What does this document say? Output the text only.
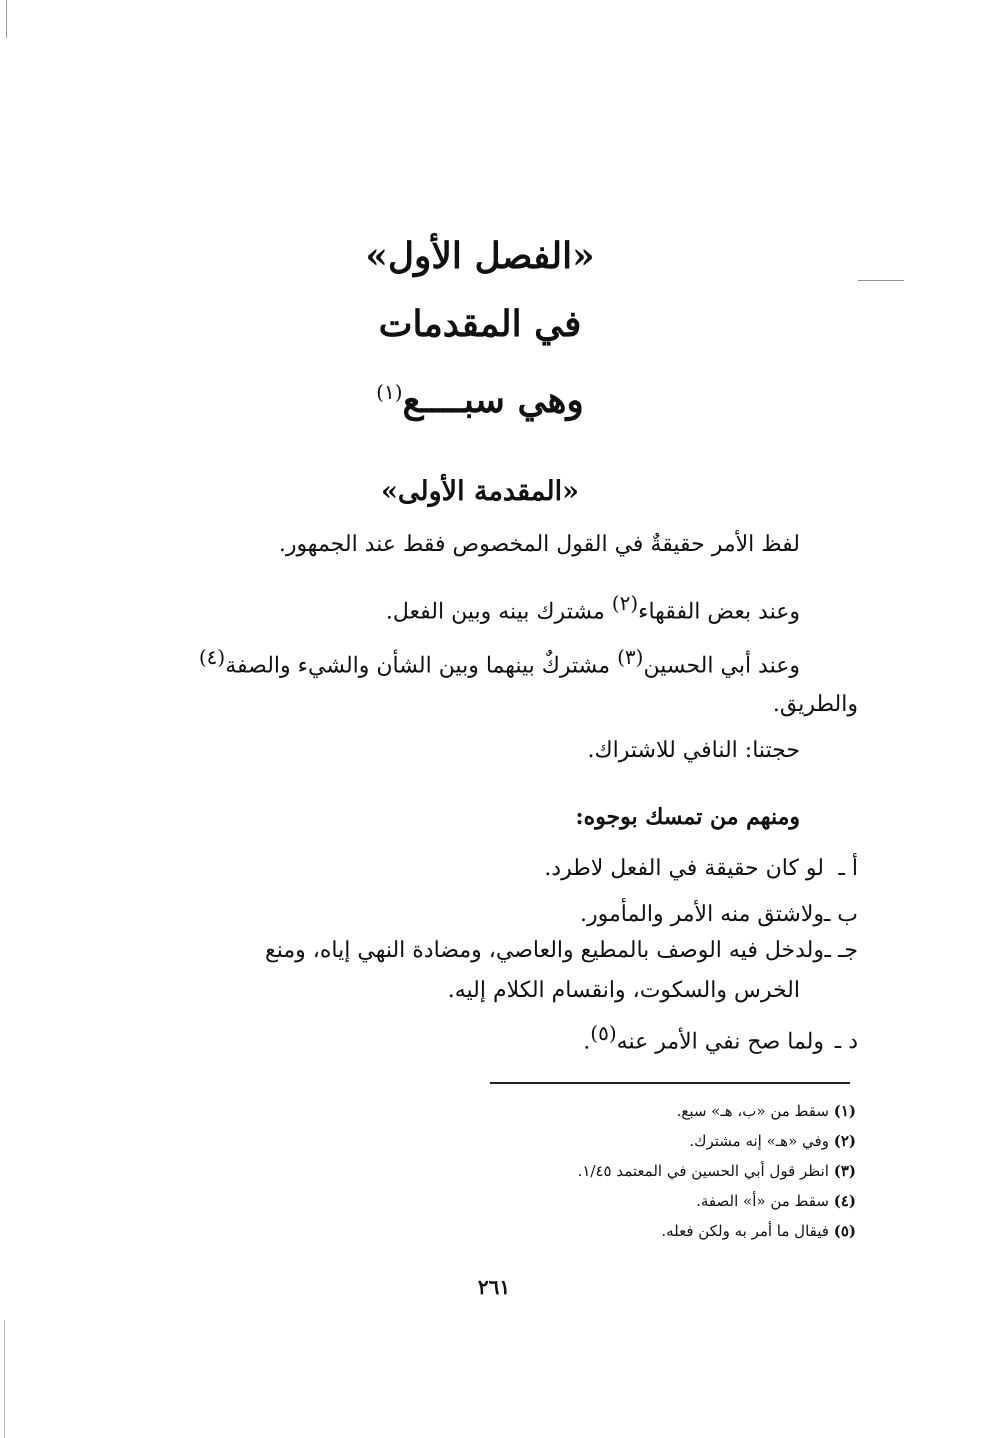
«الفصل الأول»
في المقدمات
وهي سبــــع$^{(١)}$
«المقدمة الأولى»
لفظ الأمر حقيقةٌ في القول المخصوص فقط عند الجمهور.
وعند بعض الفقهاء(٢) مشترك بينه وبين الفعل.
وعند أبي الحسين(٣) مشتركٌ بينهما وبين الشأن والشيء والصفة(٤)
والطريق.
حجتنا: النافي للاشتراك.
ومنهم من تمسك بوجوه:
أ ـلو كان حقيقة في الفعل لاطرد.
ب ـولاشتق منه الأمر والمأمور.
جـ ـولدخل فيه الوصف بالمطيع والعاصي، ومضادة النهي إياه، ومنع
الخرس والسكوت، وانقسام الكلام إليه.
د ـولما صح نفي الأمر عنه(٥).
(١) سقط من «ب، هـ» سبع.
(٢) وفي «هـ» إنه مشترك.
(٣) انظر قول أبي الحسين في المعتمد ١/٤٥.
(٤) سقط من «أ» الصفة.
(٥) فيقال ما أمر به ولكن فعله.
٢٦١
